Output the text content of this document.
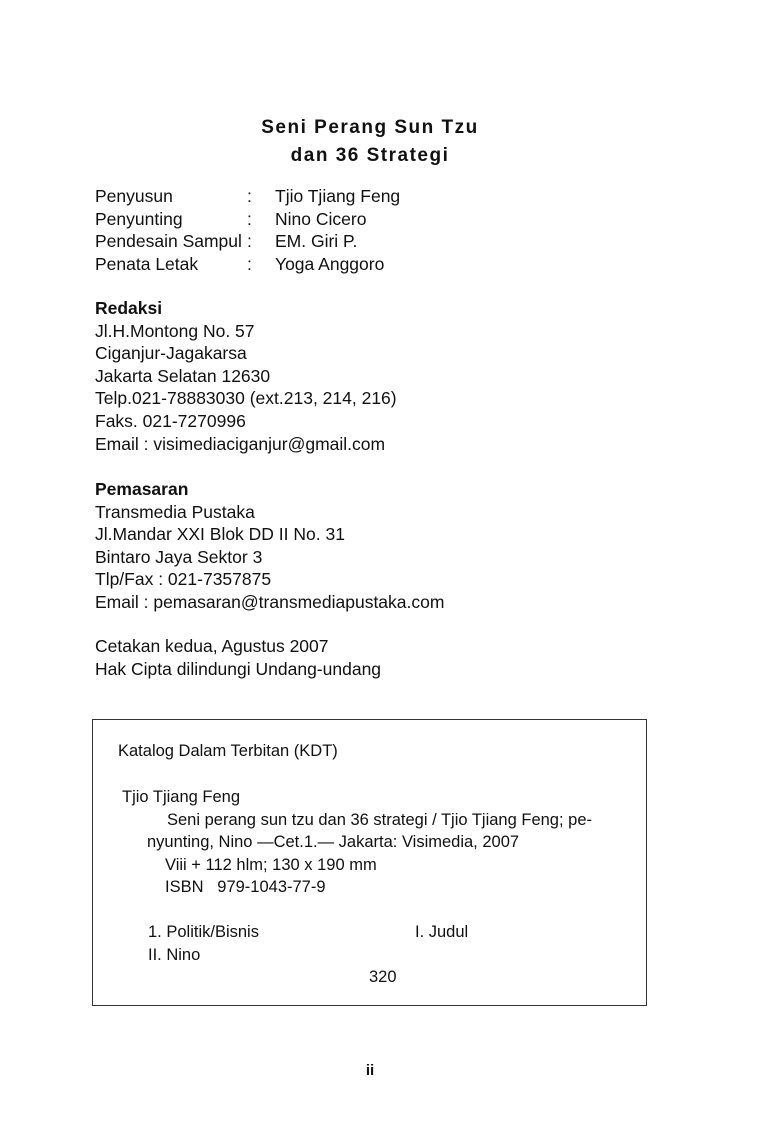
Seni Perang Sun Tzu
dan 36 Strategi
Penyusun	:	Tjio Tjiang Feng
Penyunting	:	Nino Cicero
Pendesain Sampul :	EM. Giri P.
Penata Letak	:	Yoga Anggoro
Redaksi
Jl.H.Montong No. 57
Ciganjur-Jagakarsa
Jakarta Selatan 12630
Telp.021-78883030 (ext.213, 214, 216)
Faks. 021-7270996
Email : visimediaciganjur@gmail.com
Pemasaran
Transmedia Pustaka
Jl.Mandar XXI Blok DD II No. 31
Bintaro Jaya Sektor 3
Tlp/Fax : 021-7357875
Email : pemasaran@transmediapustaka.com
Cetakan kedua, Agustus 2007
Hak Cipta dilindungi Undang-undang
Katalog Dalam Terbitan (KDT)
Tjio Tjiang Feng
Seni perang sun tzu dan 36 strategi / Tjio Tjiang Feng; pe-
nyunting, Nino —Cet.1.— Jakarta: Visimedia, 2007
Viii + 112 hlm; 130 x 190 mm
ISBN   979-1043-77-9
1. Politik/Bisnis	I. Judul
II. Nino
320
ii
